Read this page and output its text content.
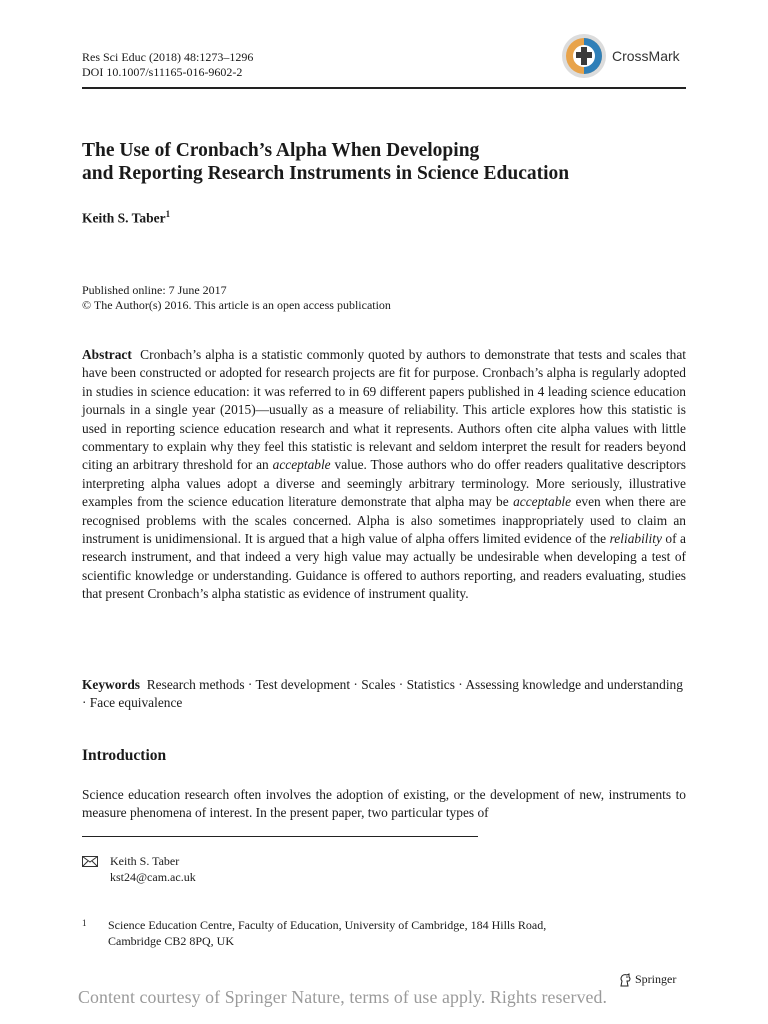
Res Sci Educ (2018) 48:1273–1296
DOI 10.1007/s11165-016-9602-2
CrossMark
The Use of Cronbach’s Alpha When Developing
and Reporting Research Instruments in Science Education
Keith S. Taber$^1$
Published online: 7 June 2017
© The Author(s) 2016. This article is an open access publication

Abstract Cronbach’s alpha is a statistic commonly quoted by authors to demonstrate that tests and scales that have been constructed or adopted for research projects are fit for purpose. Cronbach’s alpha is regularly adopted in studies in science education: it was referred to in 69 different papers published in 4 leading science education journals in a single year (2015)—usually as a measure of reliability. This article explores how this statistic is used in reporting science education research and what it represents. Authors often cite alpha values with little commentary to explain why they feel this statistic is relevant and seldom interpret the result for readers beyond citing an arbitrary threshold for an acceptable value. Those authors who do offer readers qualitative descriptors interpreting alpha values adopt a diverse and seemingly arbitrary terminology. More seriously, illustrative examples from the science education literature demonstrate that alpha may be acceptable even when there are recognised problems with the scales concerned. Alpha is also sometimes inappropriately used to claim an instrument is unidimensional. It is argued that a high value of alpha offers limited evidence of the reliability of a research instrument, and that indeed a very high value may actually be undesirable when developing a test of scientific knowledge or understanding. Guidance is offered to authors reporting, and readers evaluating, studies that present Cronbach’s alpha statistic as evidence of instrument quality.

Keywords Research methods · Test development · Scales · Statistics · Assessing knowledge and understanding · Face equivalence

Introduction

Science education research often involves the adoption of existing, or the development of new, instruments to measure phenomena of interest. In the present paper, two particular types of

Keith S. Taber
kst24@cam.ac.uk
1	Science Education Centre, Faculty of Education, University of Cambridge, 184 Hills Road,
Cambridge CB2 8PQ, UK
Springer
Content courtesy of Springer Nature, terms of use apply. Rights reserved.
